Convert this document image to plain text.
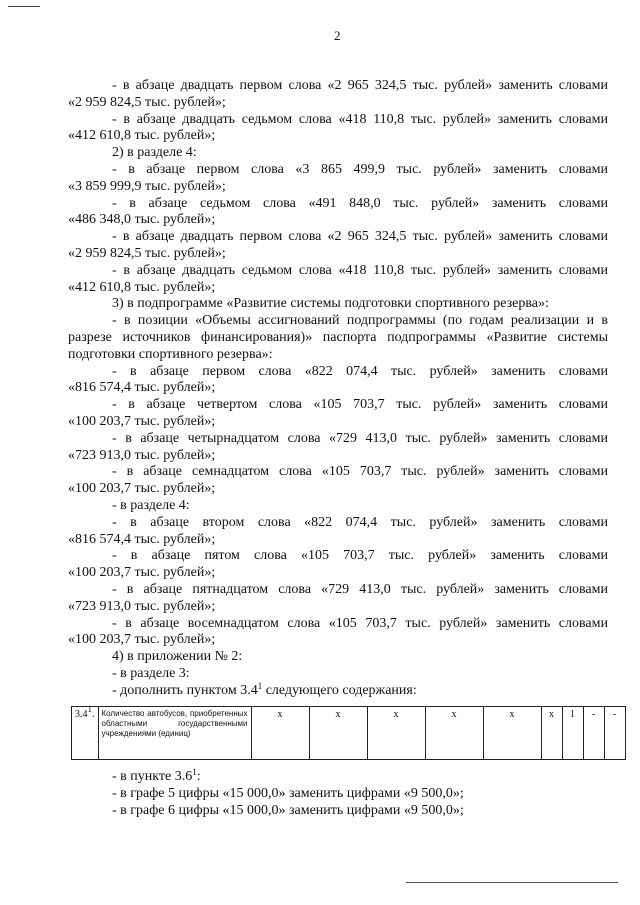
2

- в абзаце двадцать первом слова «2 965 324,5 тыс. рублей» заменить словами

«2 959 824,5 тыс. рублей»;

- в абзаце двадцать седьмом слова «418 110,8 тыс. рублей» заменить словами

«412 610,8 тыс. рублей»;

2) в разделе 4:

- в абзаце первом слова «3 865 499,9 тыс. рублей» заменить словами

«3 859 999,9 тыс. рублей»;

- в абзаце седьмом слова «491 848,0 тыс. рублей» заменить словами

«486 348,0 тыс. рублей»;

- в абзаце двадцать первом слова «2 965 324,5 тыс. рублей» заменить словами

«2 959 824,5 тыс. рублей»;

- в абзаце двадцать седьмом слова «418 110,8 тыс. рублей» заменить словами

«412 610,8 тыс. рублей»;

3) в подпрограмме «Развитие системы подготовки спортивного резерва»:

- в позиции «Объемы ассигнований подпрограммы (по годам реализации и в

разрезе источников финансирования)» паспорта подпрограммы «Развитие системы

подготовки спортивного резерва»:

- в абзаце первом слова «822 074,4 тыс. рублей» заменить словами

«816 574,4 тыс. рублей»;

- в абзаце четвертом слова «105 703,7 тыс. рублей» заменить словами

«100 203,7 тыс. рублей»;

- в абзаце четырнадцатом слова «729 413,0 тыс. рублей» заменить словами

«723 913,0 тыс. рублей»;

- в абзаце семнадцатом слова «105 703,7 тыс. рублей» заменить словами

«100 203,7 тыс. рублей»;

- в разделе 4:

- в абзаце втором слова «822 074,4 тыс. рублей» заменить словами

«816 574,4 тыс. рублей»;

- в абзаце пятом слова «105 703,7 тыс. рублей» заменить словами

«100 203,7 тыс. рублей»;

- в абзаце пятнадцатом слова «729 413,0 тыс. рублей» заменить словами

«723 913,0 тыс. рублей»;

- в абзаце восемнадцатом слова «105 703,7 тыс. рублей» заменить словами

«100 203,7 тыс. рублей»;

4) в приложении № 2:

- в разделе 3:

- дополнить пунктом $3.4^1$ следующего содержания:

$3.4^1$.	Количество автобусов, приобретенных областными государственными учреждениями (единиц)	х	х	х	х	х	х	1	-	-

- в пункте $3.6^1$:

- в графе 5 цифры «15 000,0» заменить цифрами «9 500,0»;

- в графе 6 цифры «15 000,0» заменить цифрами «9 500,0»;
